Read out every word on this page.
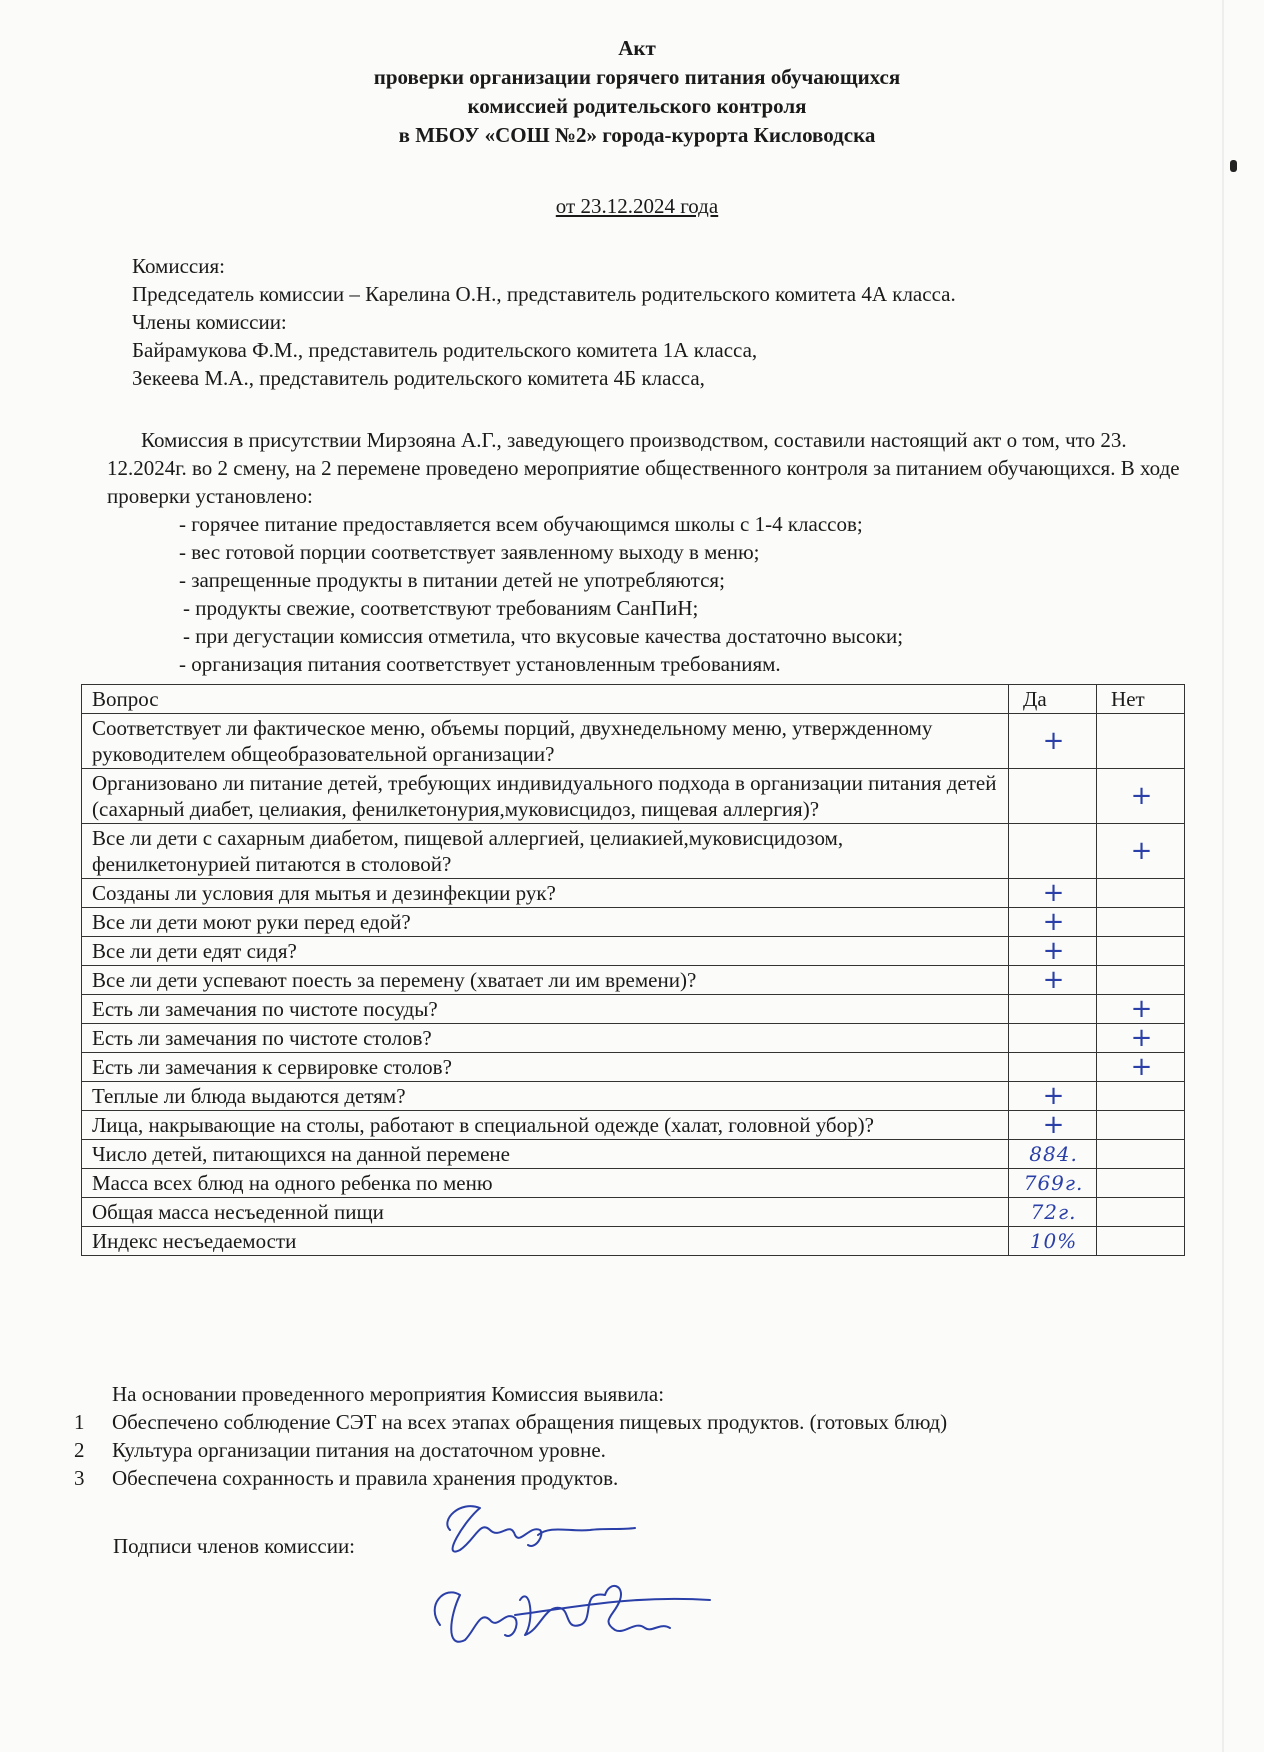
Акт
проверки организации горячего питания обучающихся
комиссией родительского контроля
в МБОУ «СОШ №2» города-курорта Кисловодска
от 23.12.2024 года
Комиссия:
Председатель комиссии – Карелина О.Н., представитель родительского комитета 4А класса.
Члены комиссии:
Байрамукова Ф.М., представитель родительского комитета 1А класса,
Зекеева М.А., представитель родительского комитета 4Б класса,

Комиссия в присутствии Мирзояна А.Г., заведующего производством, составили настоящий акт о том, что 23. 12.2024г. во 2 смену, на 2 перемене проведено мероприятие общественного контроля за питанием обучающихся. В ходе проверки установлено:

- горячее питание предоставляется всем обучающимся школы с 1-4 классов;
- вес готовой порции соответствует заявленному выходу в меню;
- запрещенные продукты в питании детей не употребляются;
- продукты свежие, соответствуют требованиям СанПиН;
- при дегустации комиссия отметила, что вкусовые качества достаточно высоки;
- организация питания соответствует установленным требованиям.
Вопрос	Да	Нет
Соответствует ли фактическое меню, объемы порций, двухнедельному меню, утвержденному руководителем общеобразовательной организации?	+	
Организовано ли питание детей, требующих индивидуального подхода в организации питания детей (сахарный диабет, целиакия, фенилкетонурия,муковисцидоз, пищевая аллергия)?		+
Все ли дети с сахарным диабетом, пищевой аллергией, целиакией,муковисцидозом, фенилкетонурией питаются в столовой?		+
Созданы ли условия для мытья и дезинфекции рук?	+	
Все ли дети моют руки перед едой?	+	
Все ли дети едят сидя?	+	
Все ли дети успевают поесть за перемену (хватает ли им времени)?	+	
Есть ли замечания по чистоте посуды?		+
Есть ли замечания по чистоте столов?		+
Есть ли замечания к сервировке столов?		+
Теплые ли блюда выдаются детям?	+	
Лица, накрывающие на столы, работают в специальной одежде (халат, головной убор)?	+	
Число детей, питающихся на данной перемене	884.	
Масса всех блюд на одного ребенка по меню	769г.	
Общая масса несъеденной пищи	72г.	
Индекс несъедаемости	10%	
На основании проведенного мероприятия Комиссия выявила:
1	Обеспечено соблюдение СЭТ на всех этапах обращения пищевых продуктов. (готовых блюд)
2	Культура организации питания на достаточном уровне.
3	Обеспечена сохранность и правила хранения продуктов.
Подписи членов комиссии:
